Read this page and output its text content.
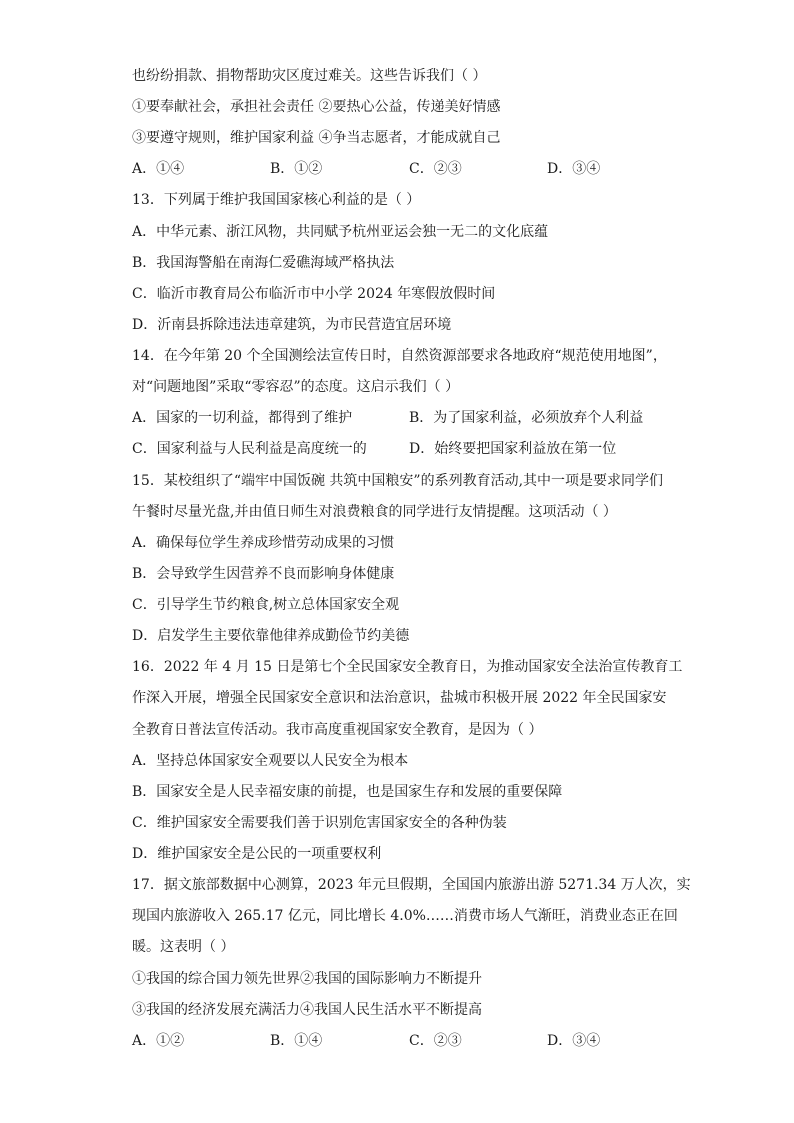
也纷纷捐款、捐物帮助灾区度过难关。这些告诉我们（ ）
①要奉献社会，承担社会责任 ②要热心公益，传递美好情感
③要遵守规则，维护国家利益 ④争当志愿者，才能成就自己
A．①④	B．①②	C．②③	D．③④
13．下列属于维护我国国家核心利益的是（ ）
A．中华元素、浙江风物，共同赋予杭州亚运会独一无二的文化底蕴
B．我国海警船在南海仁爱礁海域严格执法
C．临沂市教育局公布临沂市中小学 2024 年寒假放假时间
D．沂南县拆除违法违章建筑，为市民营造宜居环境
14．在今年第 20 个全国测绘法宣传日时，自然资源部要求各地政府“规范使用地图”，
对“问题地图”采取“零容忍”的态度。这启示我们（ ）
A．国家的一切利益，都得到了维护	B．为了国家利益，必须放弃个人利益
C．国家利益与人民利益是高度统一的	D．始终要把国家利益放在第一位
15．某校组织了“端牢中国饭碗 共筑中国粮安”的系列教育活动,其中一项是要求同学们
午餐时尽量光盘,并由值日师生对浪费粮食的同学进行友情提醒。这项活动（ ）
A．确保每位学生养成珍惜劳动成果的习惯
B．会导致学生因营养不良而影响身体健康
C．引导学生节约粮食,树立总体国家安全观
D．启发学生主要依靠他律养成勤俭节约美德
16．2022 年 4 月 15 日是第七个全民国家安全教育日，为推动国家安全法治宣传教育工
作深入开展，增强全民国家安全意识和法治意识，盐城市积极开展 2022 年全民国家安
全教育日普法宣传活动。我市高度重视国家安全教育，是因为（ ）
A．坚持总体国家安全观要以人民安全为根本
B．国家安全是人民幸福安康的前提，也是国家生存和发展的重要保障
C．维护国家安全需要我们善于识别危害国家安全的各种伪装
D．维护国家安全是公民的一项重要权利
17．据文旅部数据中心测算，2023 年元旦假期，全国国内旅游出游 5271.34 万人次，实
现国内旅游收入 265.17 亿元，同比增长 4.0%……消费市场人气渐旺，消费业态正在回
暖。这表明（ ）
①我国的综合国力领先世界②我国的国际影响力不断提升
③我国的经济发展充满活力④我国人民生活水平不断提高
A．①②	B．①④	C．②③	D．③④
